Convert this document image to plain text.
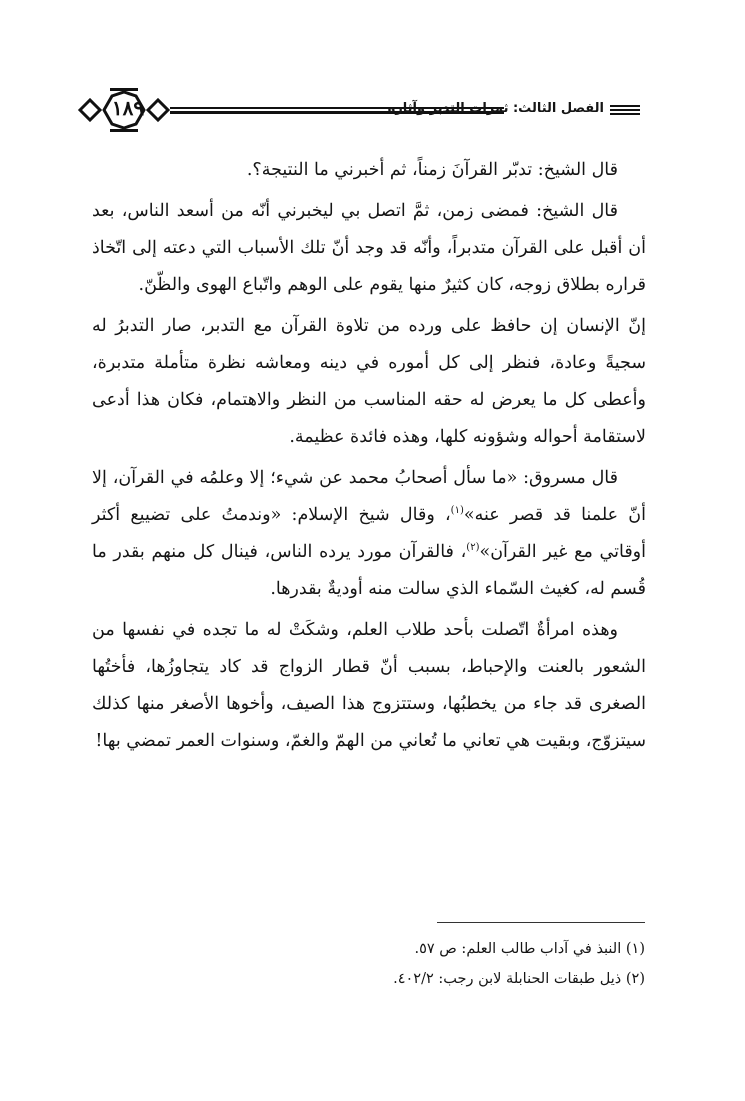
١٨٩	الفصل الثالث: ثمرات التدبر وآثاره

قال الشيخ: تدبّر القرآنَ زمناً، ثم أخبرني ما النتيجة؟.

قال الشيخ: فمضى زمن، ثمَّ اتصل بي ليخبرني أنّه من أسعد الناس، بعد أن أقبل على القرآن متدبراً، وأنّه قد وجد أنّ تلك الأسباب التي دعته إلى اتّخاذ قراره بطلاق زوجه، كان كثيرٌ منها يقوم على الوهم واتّباع الهوى والظّنّ.

إنّ الإنسان إن حافظ على ورده من تلاوة القرآن مع التدبر، صار التدبرُ له سجيةً وعادة، فنظر إلى كل أموره في دينه ومعاشه نظرة متأملة متدبرة، وأعطى كل ما يعرض له حقه المناسب من النظر والاهتمام، فكان هذا أدعى لاستقامة أحواله وشؤونه كلها، وهذه فائدة عظيمة.

قال مسروق: «ما سأل أصحابُ محمد عن شيء؛ إلا وعلمُه في القرآن، إلا أنّ علمنا قد قصر عنه»$^{(١)}$، وقال شيخ الإسلام: «وندمتُ على تضييع أكثر أوقاتي مع غير القرآن»$^{(٢)}$، فالقرآن مورد يرده الناس، فينال كل منهم بقدر ما قُسم له، كغيث السّماء الذي سالت منه أوديةٌ بقدرها.

وهذه امرأةٌ اتّصلت بأحد طلاب العلم، وشكَتْ له ما تجده في نفسها من الشعور بالعنت والإحباط، بسبب أنّ قطار الزواج قد كاد يتجاوزُها، فأختُها الصغرى قد جاء من يخطبُها، وستتزوج هذا الصيف، وأخوها الأصغر منها كذلك سيتزوّج، وبقيت هي تعاني ما تُعاني من الهمّ والغمّ، وسنوات العمر تمضي بها!

(١) النبذ في آداب طالب العلم: ص ٥٧.
(٢) ذيل طبقات الحنابلة لابن رجب: ٤٠٢/٢.
